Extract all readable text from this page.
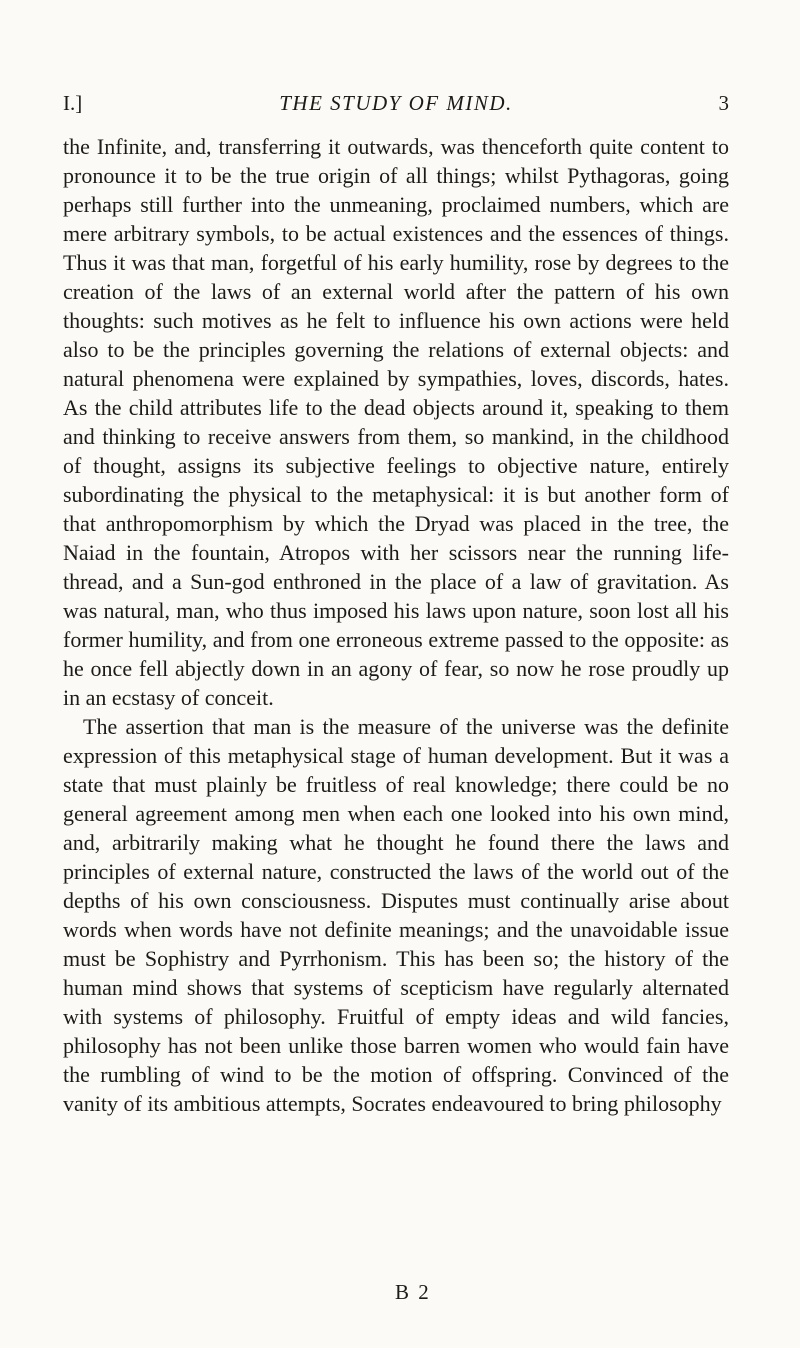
I.]	THE STUDY OF MIND.	3

the Infinite, and, transferring it outwards, was thenceforth quite content to pronounce it to be the true origin of all things; whilst Pythagoras, going perhaps still further into the unmeaning, proclaimed numbers, which are mere arbitrary symbols, to be actual existences and the essences of things. Thus it was that man, forgetful of his early humility, rose by degrees to the creation of the laws of an external world after the pattern of his own thoughts: such motives as he felt to influence his own actions were held also to be the principles governing the relations of external objects: and natural phenomena were explained by sympathies, loves, discords, hates. As the child attributes life to the dead objects around it, speaking to them and thinking to receive answers from them, so mankind, in the childhood of thought, assigns its subjective feelings to objective nature, entirely subordinating the physical to the metaphysical: it is but another form of that anthropomorphism by which the Dryad was placed in the tree, the Naiad in the fountain, Atropos with her scissors near the running life-thread, and a Sun-god enthroned in the place of a law of gravitation. As was natural, man, who thus imposed his laws upon nature, soon lost all his former humility, and from one erroneous extreme passed to the opposite: as he once fell abjectly down in an agony of fear, so now he rose proudly up in an ecstasy of conceit.

The assertion that man is the measure of the universe was the definite expression of this metaphysical stage of human development. But it was a state that must plainly be fruitless of real knowledge; there could be no general agreement among men when each one looked into his own mind, and, arbitrarily making what he thought he found there the laws and principles of external nature, constructed the laws of the world out of the depths of his own consciousness. Disputes must continually arise about words when words have not definite meanings; and the unavoidable issue must be Sophistry and Pyrrhonism. This has been so; the history of the human mind shows that systems of scepticism have regularly alternated with systems of philosophy. Fruitful of empty ideas and wild fancies, philosophy has not been unlike those barren women who would fain have the rumbling of wind to be the motion of offspring. Convinced of the vanity of its ambitious attempts, Socrates endeavoured to bring philosophy

B 2
